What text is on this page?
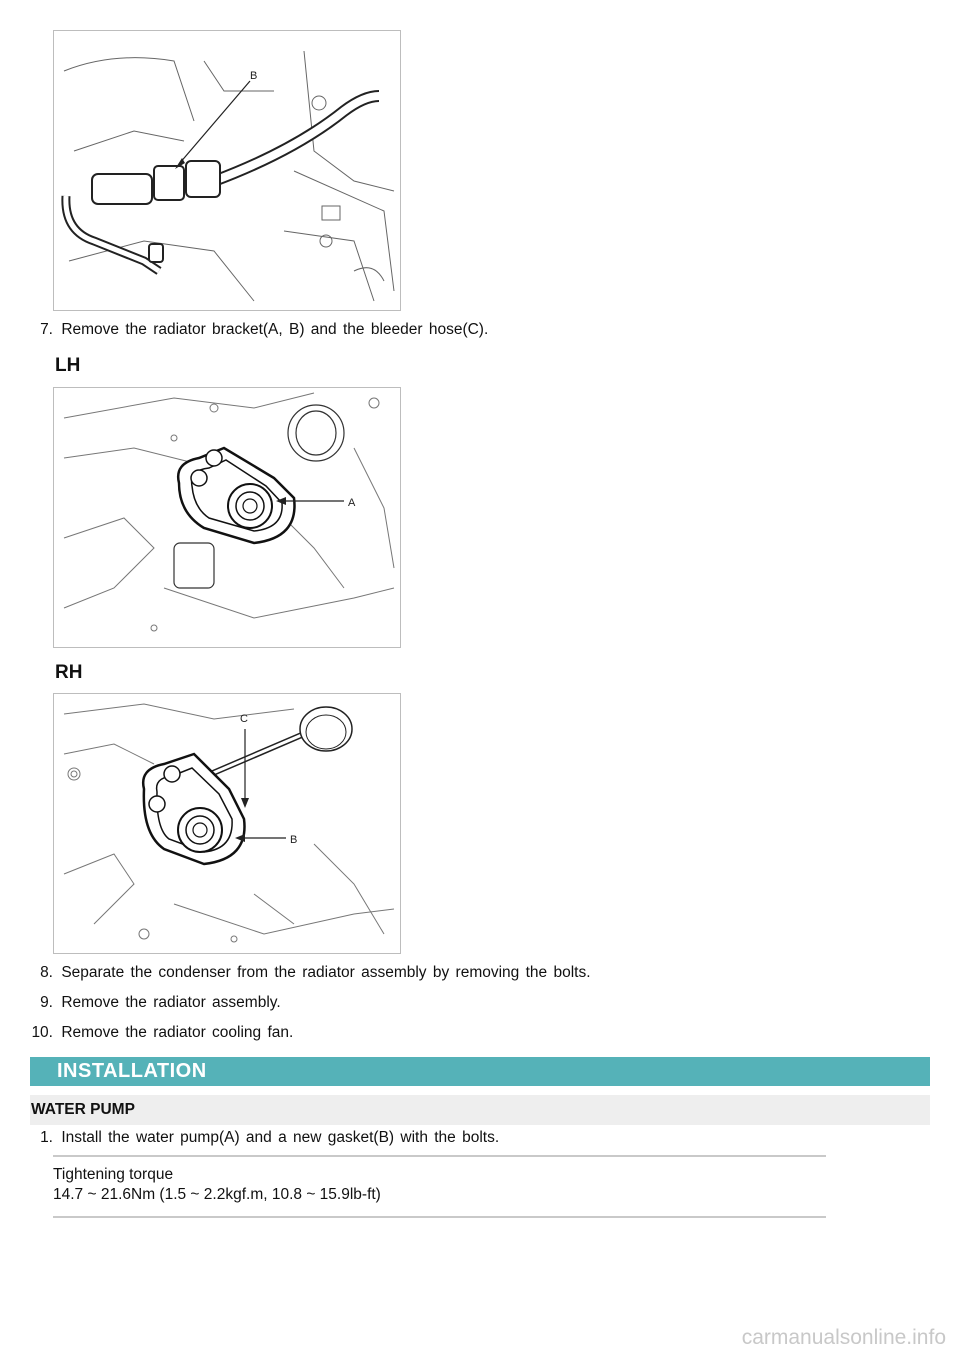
B
7. Remove the radiator bracket(A, B) and the bleeder hose(C).
LH
A
RH
C
B
8. Separate the condenser from the radiator assembly by removing the bolts.
9. Remove the radiator assembly.
10. Remove the radiator cooling fan.
INSTALLATION
WATER PUMP
1. Install the water pump(A) and a new gasket(B) with the bolts.
Tightening torque
14.7 ~ 21.6Nm (1.5 ~ 2.2kgf.m, 10.8 ~ 15.9lb-ft)
carmanualsonline.info
